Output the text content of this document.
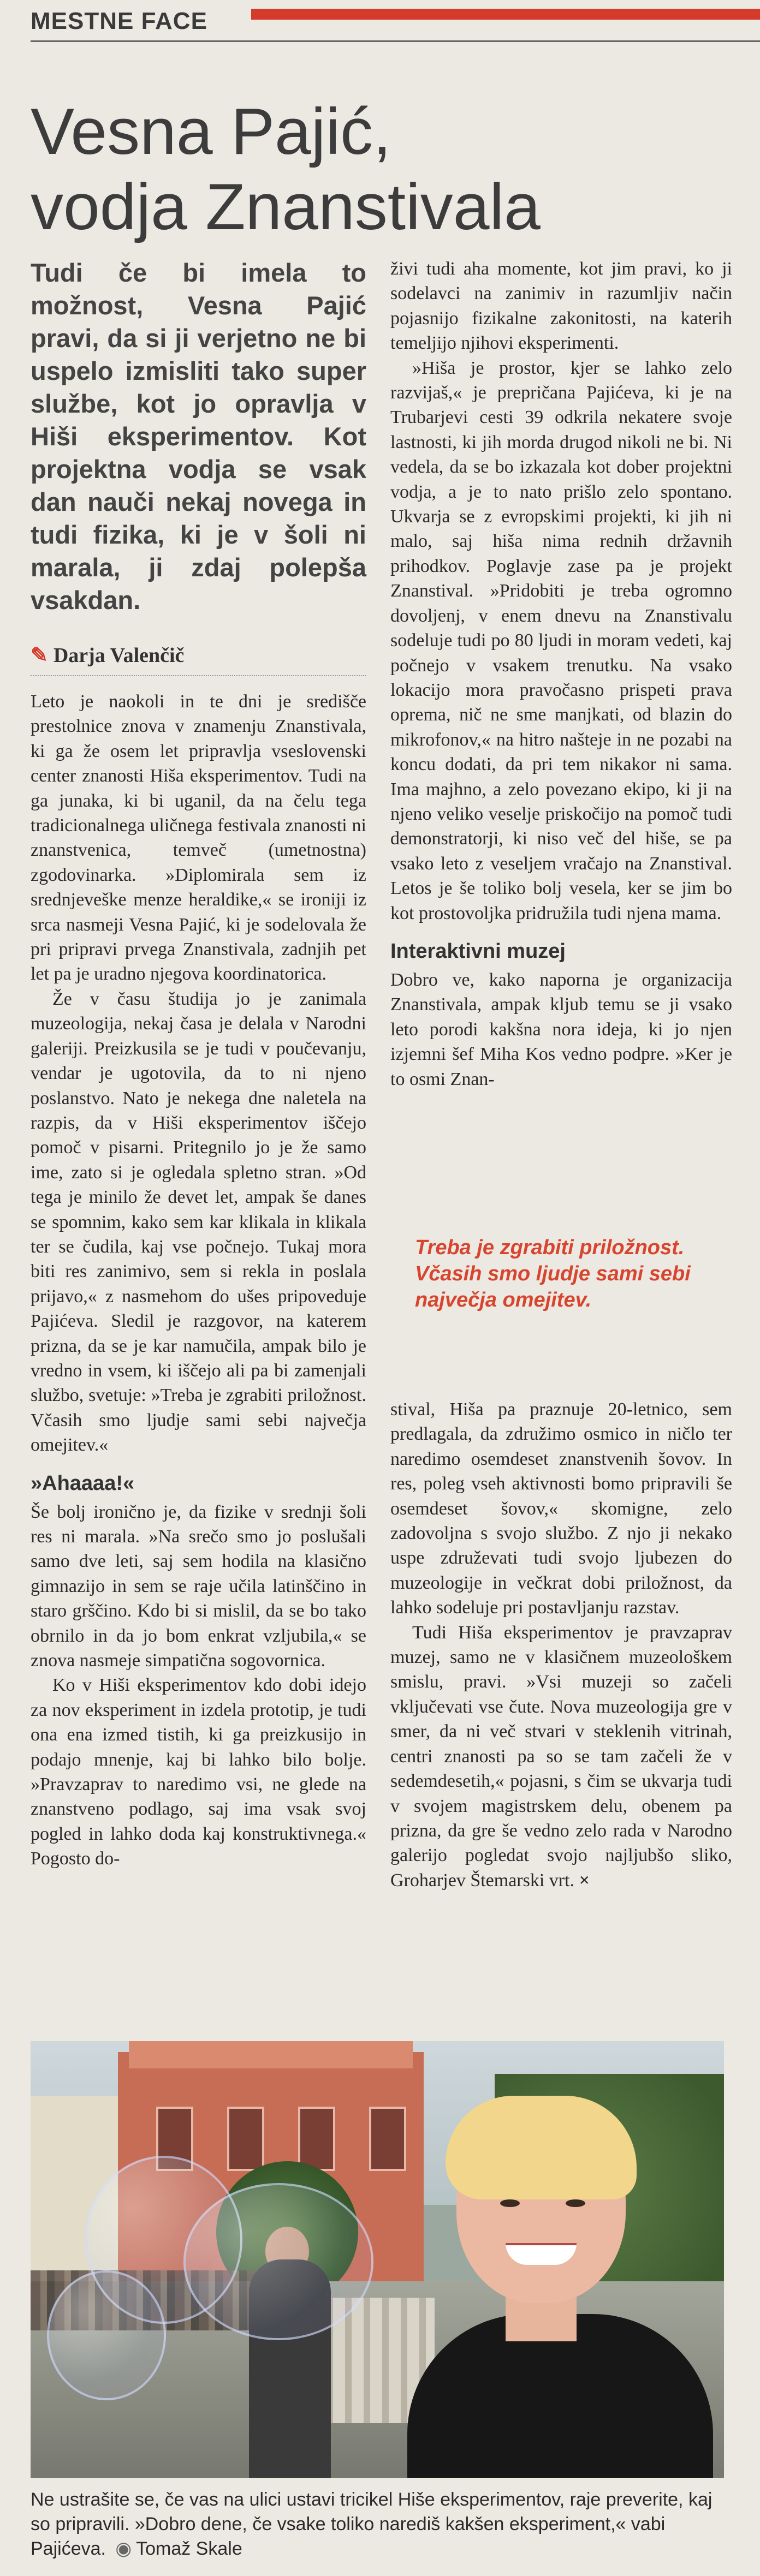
MESTNE FACE
Vesna Pajić,
vodja Znanstivala

Tudi če bi imela to možnost, Vesna Pajić pravi, da si ji verjetno ne bi uspelo izmisliti tako super službe, kot jo opravlja v Hiši eksperimentov. Kot projektna vodja se vsak dan nauči nekaj novega in tudi fizika, ki je v šoli ni marala, ji zdaj polepša vsakdan.

✎ Darja Valenčič

Leto je naokoli in te dni je središče prestolnice znova v znamenju Znanstivala, ki ga že osem let pripravlja vseslovenski center znanosti Hiša eksperimentov. Tudi na ga junaka, ki bi uganil, da na čelu tega tradicionalnega uličnega festivala znanosti ni znanstvenica, temveč (umetnostna) zgodovinarka. »Diplomirala sem iz srednjeveške menze heraldike,« se ironiji iz srca nasmeji Vesna Pajić, ki je sodelovala že pri pripravi prvega Znanstivala, zadnjih pet let pa je uradno njegova koordinatorica.

Že v času študija jo je zanimala muzeologija, nekaj časa je delala v Narodni galeriji. Preizkusila se je tudi v poučevanju, vendar je ugotovila, da to ni njeno poslanstvo. Nato je nekega dne naletela na razpis, da v Hiši eksperimentov iščejo pomoč v pisarni. Pritegnilo jo je že samo ime, zato si je ogledala spletno stran. »Od tega je minilo že devet let, ampak še danes se spomnim, kako sem kar klikala in klikala ter se čudila, kaj vse počnejo. Tukaj mora biti res zanimivo, sem si rekla in poslala prijavo,« z nasmehom do ušes pripoveduje Pajićeva. Sledil je razgovor, na katerem prizna, da se je kar namučila, ampak bilo je vredno in vsem, ki iščejo ali pa bi zamenjali službo, svetuje: »Treba je zgrabiti priložnost. Včasih smo ljudje sami sebi največja omejitev.«

»Ahaaaa!«

Še bolj ironično je, da fizike v srednji šoli res ni marala. »Na srečo smo jo poslušali samo dve leti, saj sem hodila na klasično gimnazijo in sem se raje učila latinščino in staro grščino. Kdo bi si mislil, da se bo tako obrnilo in da jo bom enkrat vzljubila,« se znova nasmeje simpatična sogovornica.

Ko v Hiši eksperimentov kdo dobi idejo za nov eksperiment in izdela prototip, je tudi ona ena izmed tistih, ki ga preizkusijo in podajo mnenje, kaj bi lahko bilo bolje. »Pravzaprav to naredimo vsi, ne glede na znanstveno podlago, saj ima vsak svoj pogled in lahko doda kaj konstruktivnega.« Pogosto do-

živi tudi aha momente, kot jim pravi, ko ji sodelavci na zanimiv in razumljiv način pojasnijo fizikalne zakonitosti, na katerih temeljijo njihovi eksperimenti.

»Hiša je prostor, kjer se lahko zelo razvijaš,« je prepričana Pajićeva, ki je na Trubarjevi cesti 39 odkrila nekatere svoje lastnosti, ki jih morda drugod nikoli ne bi. Ni vedela, da se bo izkazala kot dober projektni vodja, a je to nato prišlo zelo spontano. Ukvarja se z evropskimi projekti, ki jih ni malo, saj hiša nima rednih državnih prihodkov. Poglavje zase pa je projekt Znanstival. »Pridobiti je treba ogromno dovoljenj, v enem dnevu na Znanstivalu sodeluje tudi po 80 ljudi in moram vedeti, kaj počnejo v vsakem trenutku. Na vsako lokacijo mora pravočasno prispeti prava oprema, nič ne sme manjkati, od blazin do mikrofonov,« na hitro našteje in ne pozabi na koncu dodati, da pri tem nikakor ni sama. Ima majhno, a zelo povezano ekipo, ki ji na njeno veliko veselje priskočijo na pomoč tudi demonstratorji, ki niso več del hiše, se pa vsako leto z veseljem vračajo na Znanstival. Letos je še toliko bolj vesela, ker se jim bo kot prostovoljka pridružila tudi njena mama.

Interaktivni muzej

Dobro ve, kako naporna je organizacija Znanstivala, ampak kljub temu se ji vsako leto porodi kakšna nora ideja, ki jo njen izjemni šef Miha Kos vedno podpre. »Ker je to osmi Znan-

Treba je zgrabiti priložnost. Včasih smo ljudje sami sebi največja omejitev.

stival, Hiša pa praznuje 20-letnico, sem predlagala, da združimo osmico in ničlo ter naredimo osemdeset znanstvenih šovov. In res, poleg vseh aktivnosti bomo pripravili še osemdeset šovov,« skomigne, zelo zadovoljna s svojo službo. Z njo ji nekako uspe združevati tudi svojo ljubezen do muzeologije in večkrat dobi priložnost, da lahko sodeluje pri postavljanju razstav.

Tudi Hiša eksperimentov je pravzaprav muzej, samo ne v klasičnem muzeološkem smislu, pravi. »Vsi muzeji so začeli vključevati vse čute. Nova muzeologija gre v smer, da ni več stvari v steklenih vitrinah, centri znanosti pa so se tam začeli že v sedemdesetih,« pojasni, s čim se ukvarja tudi v svojem magistrskem delu, obenem pa prizna, da gre še vedno zelo rada v Narodno galerijo pogledat svojo najljubšo sliko, Groharjev Štemarski vrt. ×

Ne ustrašite se, če vas na ulici ustavi tricikel Hiše eksperimentov, raje preverite, kaj so pripravili. »Dobro dene, če vsake toliko narediš kakšen eksperiment,« vabi Pajićeva. ◉ Tomaž Skale
